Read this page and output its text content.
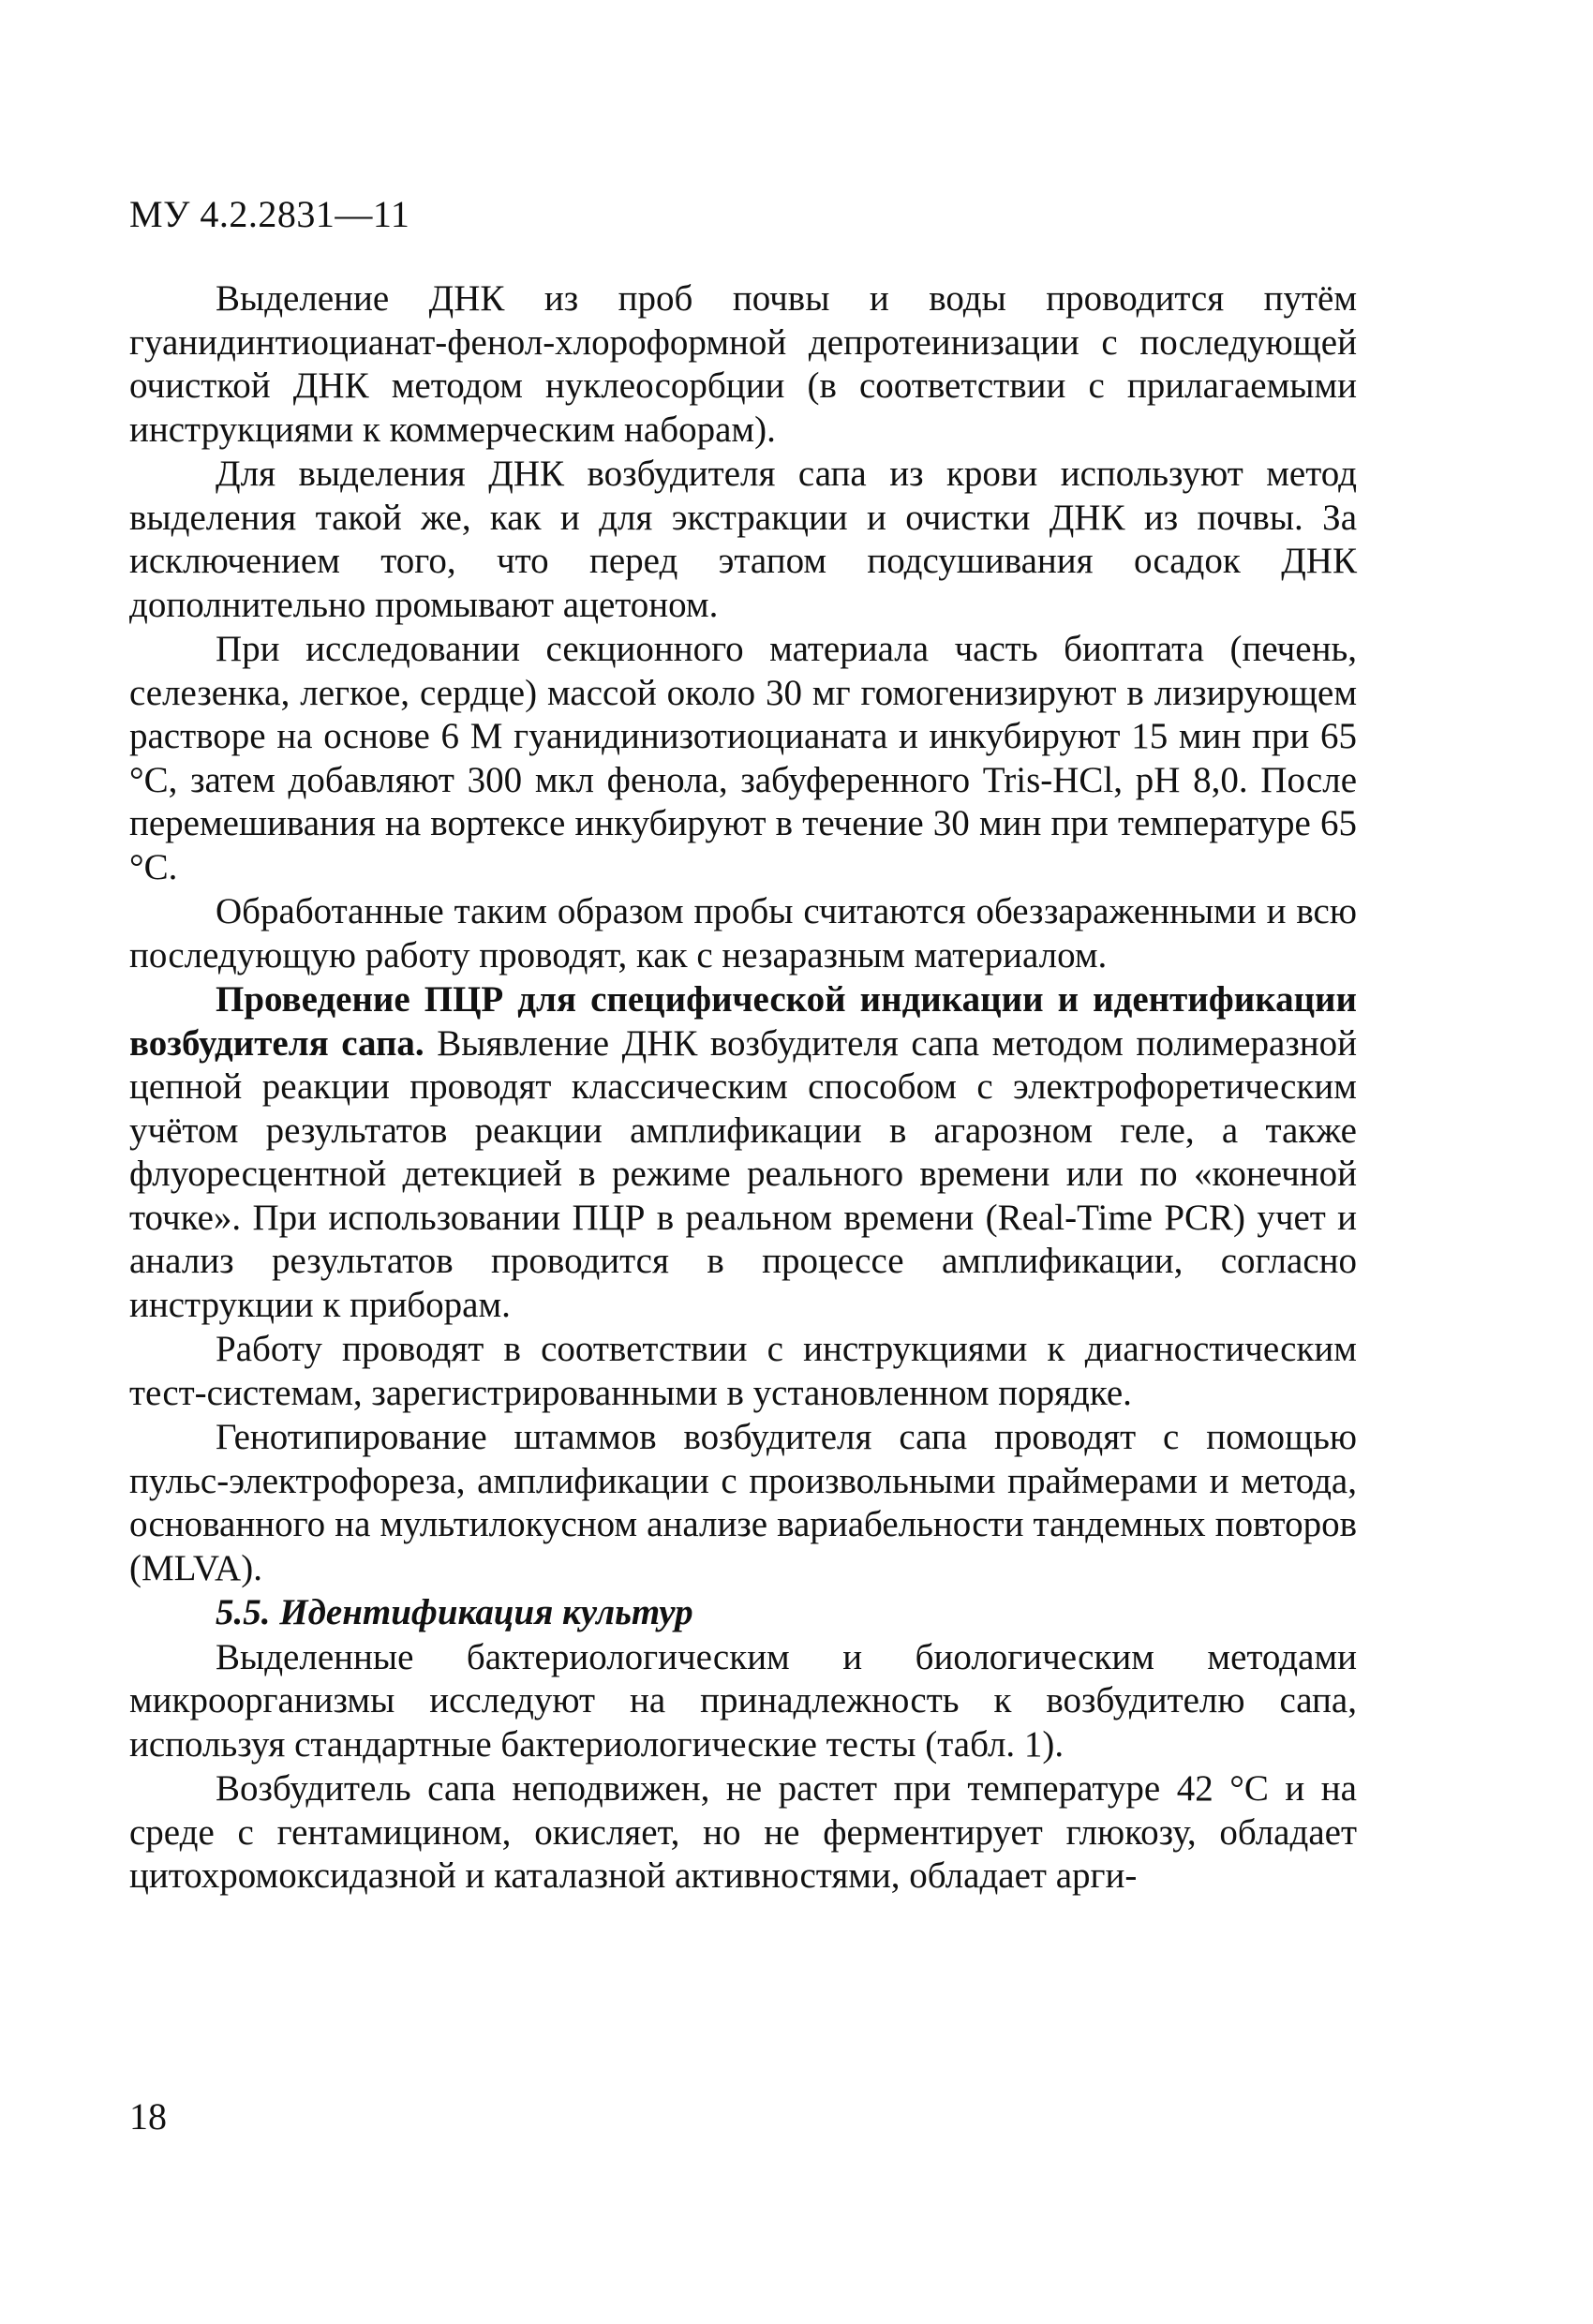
МУ 4.2.2831—11

Выделение ДНК из проб почвы и воды проводится путём гуанидинтиоцианат-фенол-хлороформной депротеинизации с последующей очисткой ДНК методом нуклеосорбции (в соответствии с прилагаемыми инструкциями к коммерческим наборам).

Для выделения ДНК возбудителя сапа из крови используют метод выделения такой же, как и для экстракции и очистки ДНК из почвы. За исключением того, что перед этапом подсушивания осадок ДНК дополнительно промывают ацетоном.

При исследовании секционного материала часть биоптата (печень, селезенка, легкое, сердце) массой около 30 мг гомогенизируют в лизирующем растворе на основе 6 М гуанидинизотиоцианата и инкубируют 15 мин при 65 °С, затем добавляют 300 мкл фенола, забуференного Tris-HCl, pH 8,0. После перемешивания на вортексе инкубируют в течение 30 мин при температуре 65 °С.

Обработанные таким образом пробы считаются обеззараженными и всю последующую работу проводят, как с незаразным материалом.

Проведение ПЦР для специфической индикации и идентификации возбудителя сапа. Выявление ДНК возбудителя сапа методом полимеразной цепной реакции проводят классическим способом с электрофоретическим учётом результатов реакции амплификации в агарозном геле, а также флуоресцентной детекцией в режиме реального времени или по «конечной точке». При использовании ПЦР в реальном времени (Real-Time PCR) учет и анализ результатов проводится в процессе амплификации, согласно инструкции к приборам.

Работу проводят в соответствии с инструкциями к диагностическим тест-системам, зарегистрированными в установленном порядке.

Генотипирование штаммов возбудителя сапа проводят с помощью пульс-электрофореза, амплификации с произвольными праймерами и метода, основанного на мультилокусном анализе вариабельности тандемных повторов (MLVA).

5.5. Идентификация культур

Выделенные бактериологическим и биологическим методами микроорганизмы исследуют на принадлежность к возбудителю сапа, используя стандартные бактериологические тесты (табл. 1).

Возбудитель сапа неподвижен, не растет при температуре 42 °С и на среде с гентамицином, окисляет, но не ферментирует глюкозу, обладает цитохромоксидазной и каталазной активностями, обладает арги-

18
